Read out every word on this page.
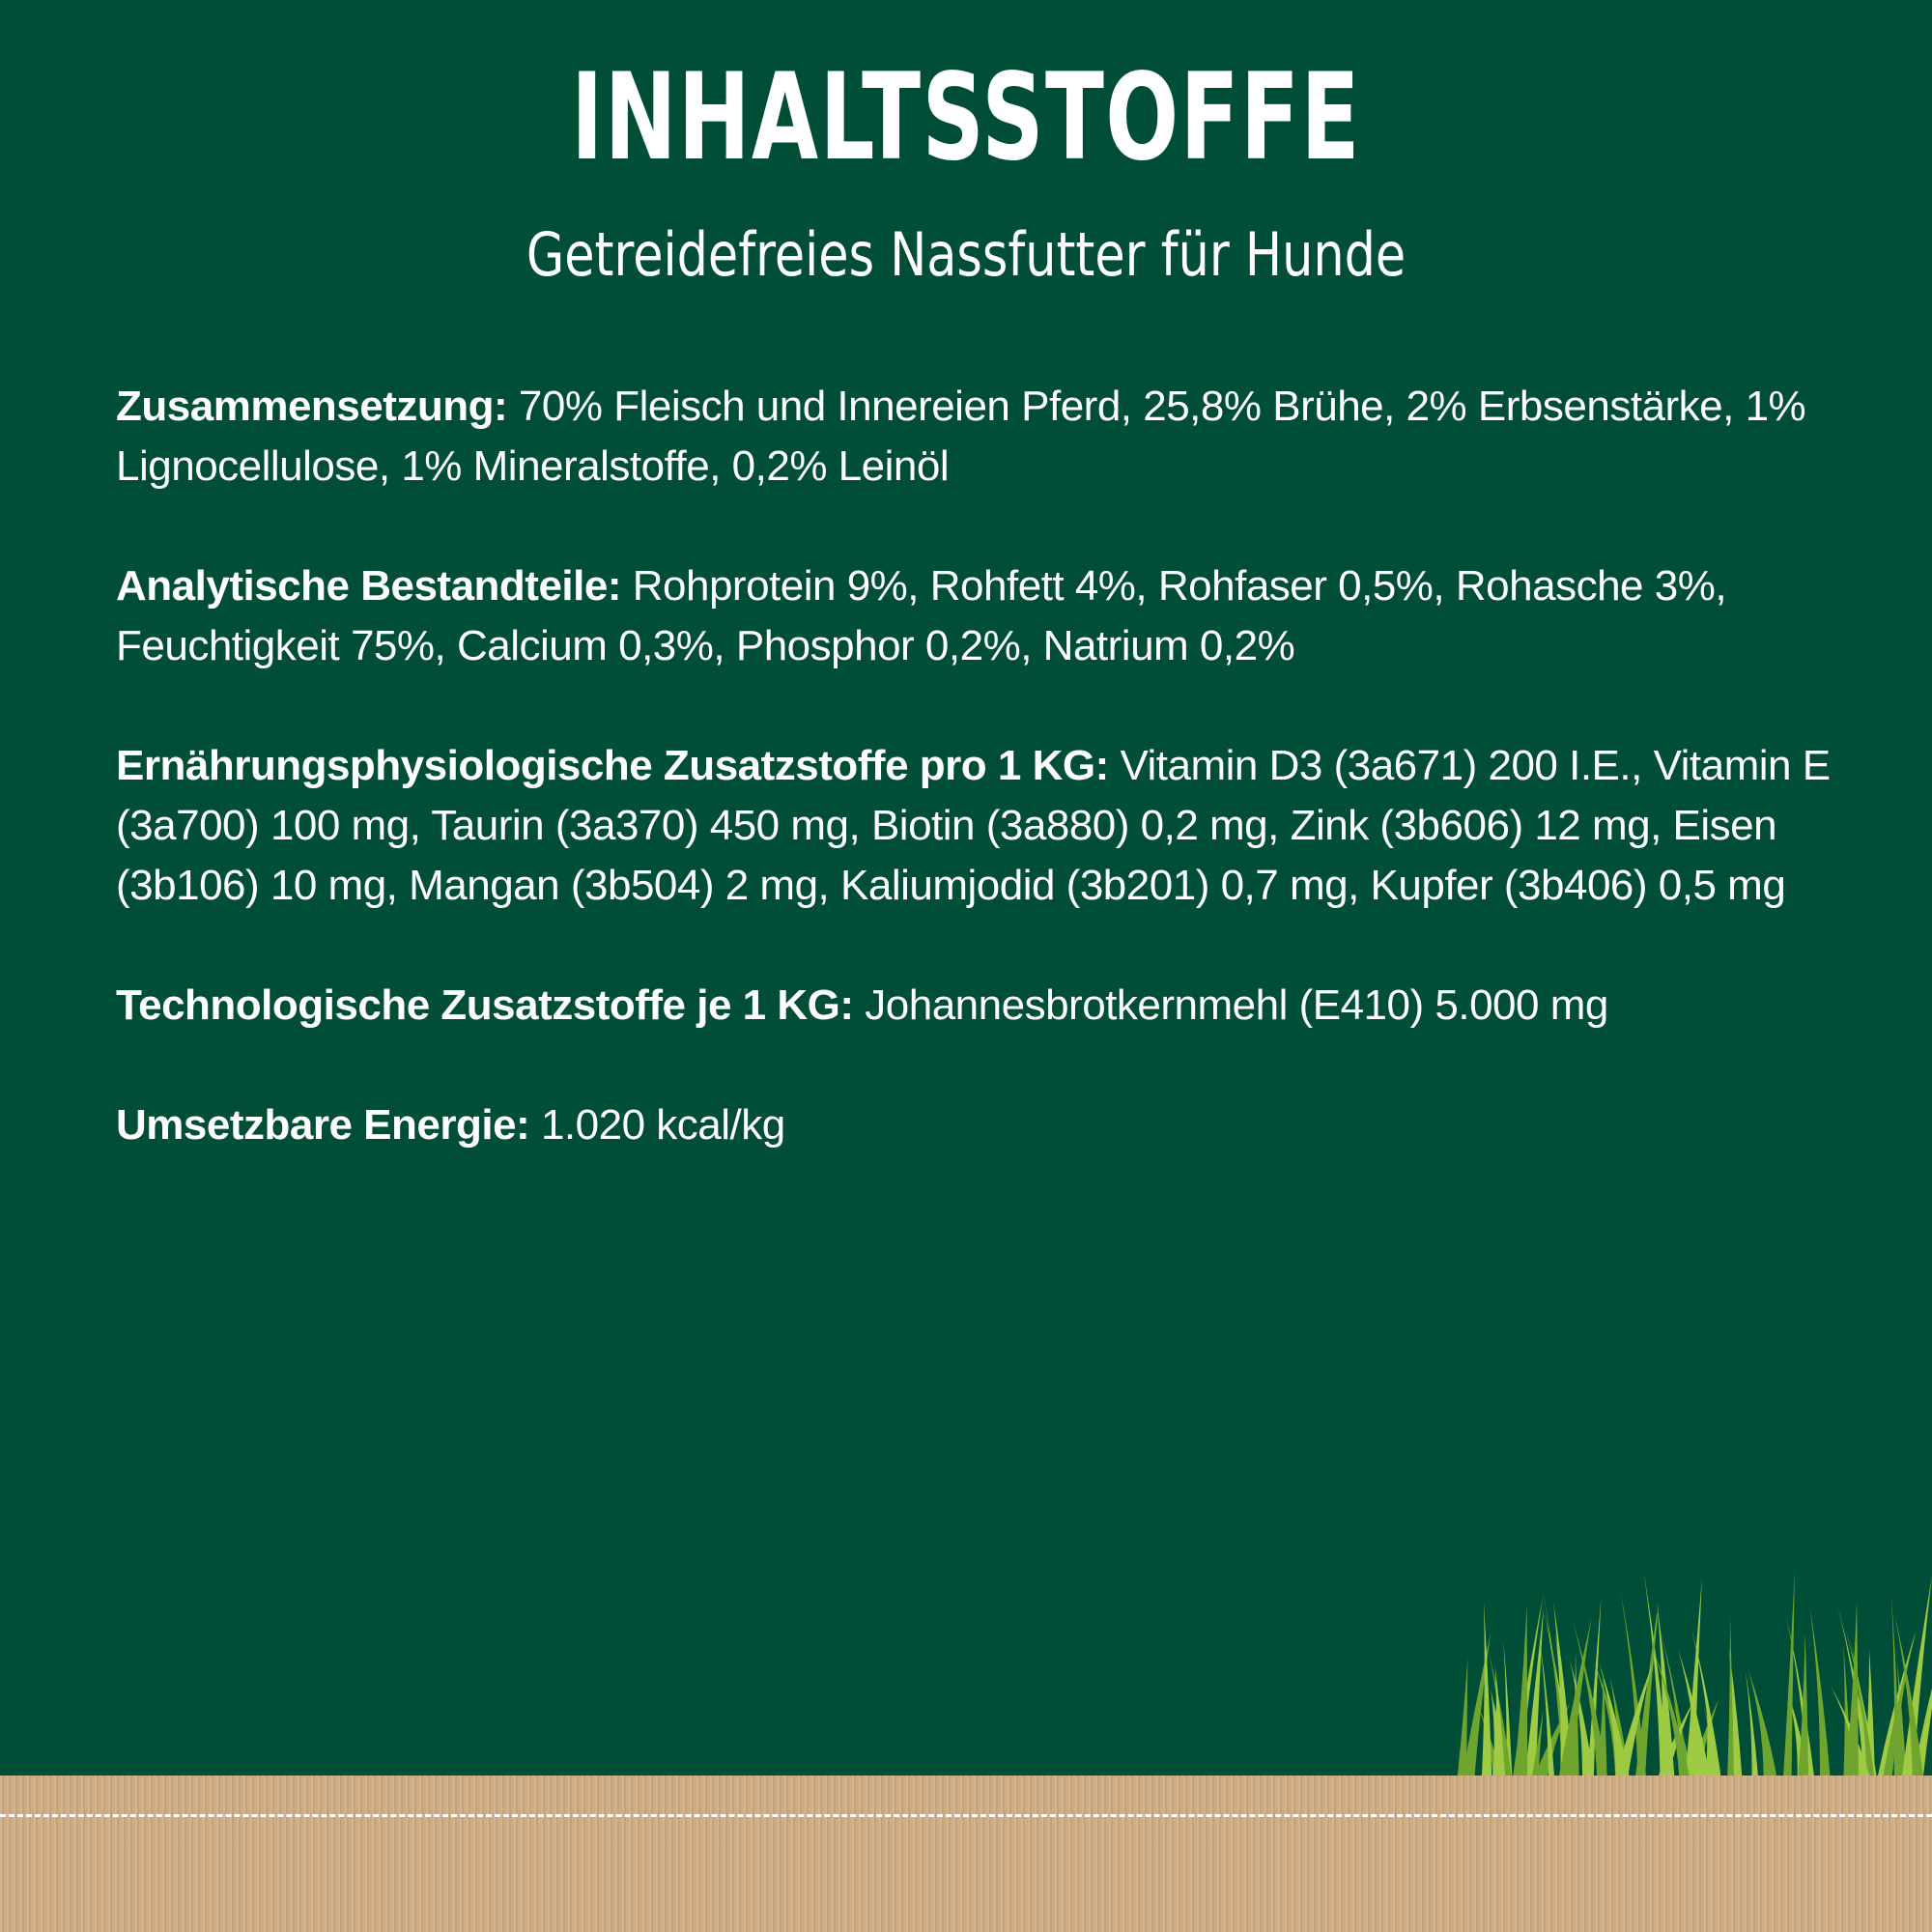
INHALTSSTOFFE
Getreidefreies Nassfutter für Hunde

Zusammensetzung: 70% Fleisch und Innereien Pferd, 25,8% Brühe, 2% Erbsenstärke, 1% Lignocellulose, 1% Mineralstoffe, 0,2% Leinöl

Analytische Bestandteile: Rohprotein 9%, Rohfett 4%, Rohfaser 0,5%, Rohasche 3%, Feuchtigkeit 75%, Calcium 0,3%, Phosphor 0,2%, Natrium 0,2%

Ernährungsphysiologische Zusatzstoffe pro 1 KG: Vitamin D3 (3a671) 200 I.E., Vitamin E (3a700) 100 mg, Taurin (3a370) 450 mg, Biotin (3a880) 0,2 mg, Zink (3b606) 12 mg, Eisen (3b106) 10 mg, Mangan (3b504) 2 mg, Kaliumjodid (3b201) 0,7 mg, Kupfer (3b406) 0,5 mg

Technologische Zusatzstoffe je 1 KG: Johannesbrotkernmehl (E410) 5.000 mg

Umsetzbare Energie: 1.020 kcal/kg
